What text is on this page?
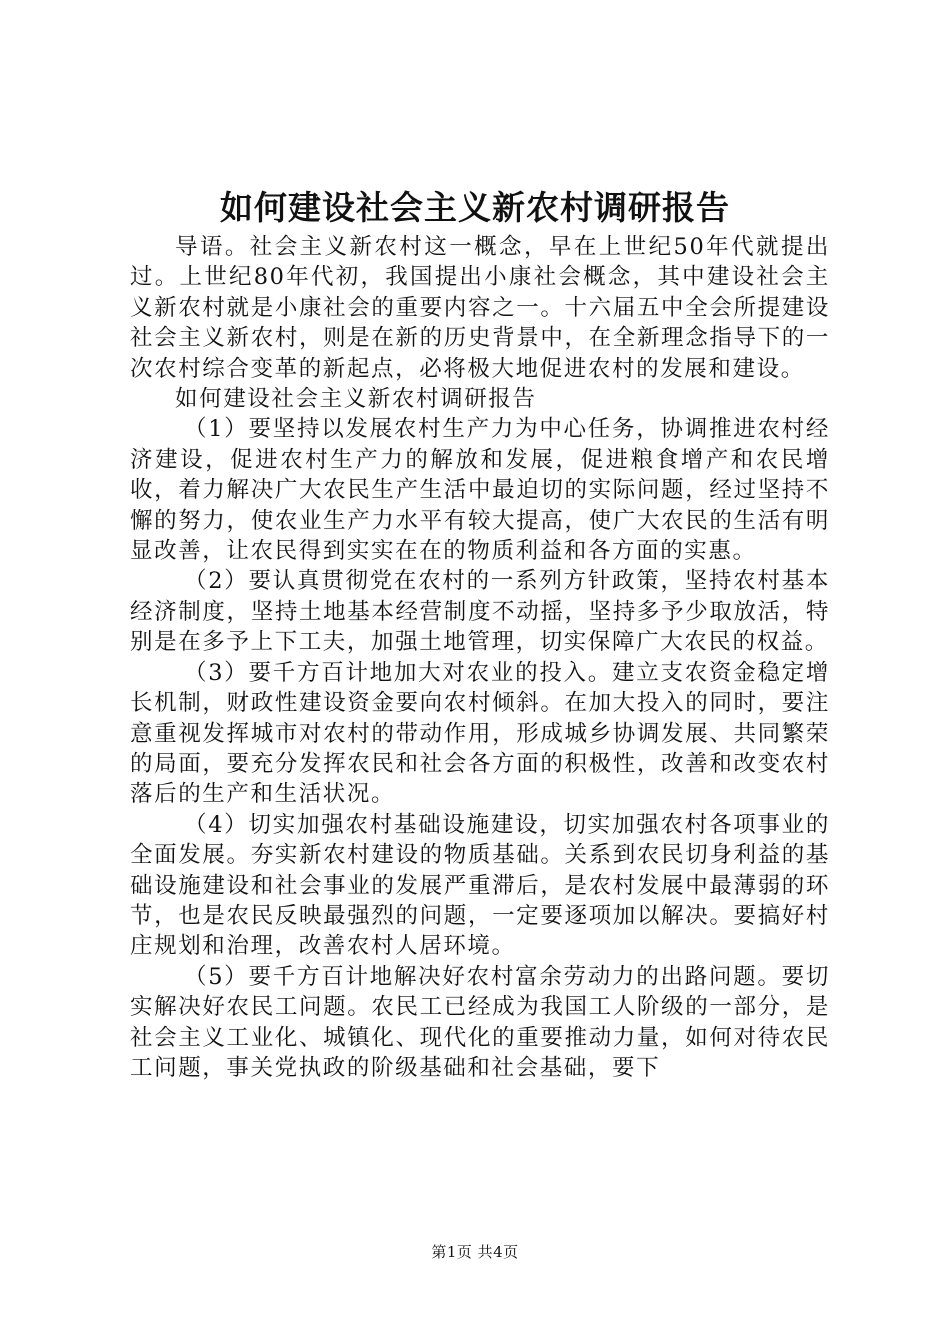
如何建设社会主义新农村调研报告

导语。社会主义新农村这一概念，早在上世纪50年代就提出过。上世纪80年代初，我国提出小康社会概念，其中建设社会主义新农村就是小康社会的重要内容之一。十六届五中全会所提建设社会主义新农村，则是在新的历史背景中，在全新理念指导下的一次农村综合变革的新起点，必将极大地促进农村的发展和建设。

如何建设社会主义新农村调研报告

（1）要坚持以发展农村生产力为中心任务，协调推进农村经济建设，促进农村生产力的解放和发展，促进粮食增产和农民增收，着力解决广大农民生产生活中最迫切的实际问题，经过坚持不懈的努力，使农业生产力水平有较大提高，使广大农民的生活有明显改善，让农民得到实实在在的物质利益和各方面的实惠。

（2）要认真贯彻党在农村的一系列方针政策，坚持农村基本经济制度，坚持土地基本经营制度不动摇，坚持多予少取放活，特别是在多予上下工夫，加强土地管理，切实保障广大农民的权益。

（3）要千方百计地加大对农业的投入。建立支农资金稳定增长机制，财政性建设资金要向农村倾斜。在加大投入的同时，要注意重视发挥城市对农村的带动作用，形成城乡协调发展、共同繁荣的局面，要充分发挥农民和社会各方面的积极性，改善和改变农村落后的生产和生活状况。

（4）切实加强农村基础设施建设，切实加强农村各项事业的全面发展。夯实新农村建设的物质基础。关系到农民切身利益的基础设施建设和社会事业的发展严重滞后，是农村发展中最薄弱的环节，也是农民反映最强烈的问题，一定要逐项加以解决。要搞好村庄规划和治理，改善农村人居环境。

（5）要千方百计地解决好农村富余劳动力的出路问题。要切实解决好农民工问题。农民工已经成为我国工人阶级的一部分，是社会主义工业化、城镇化、现代化的重要推动力量，如何对待农民工问题，事关党执政的阶级基础和社会基础，要下

第1页 共4页
